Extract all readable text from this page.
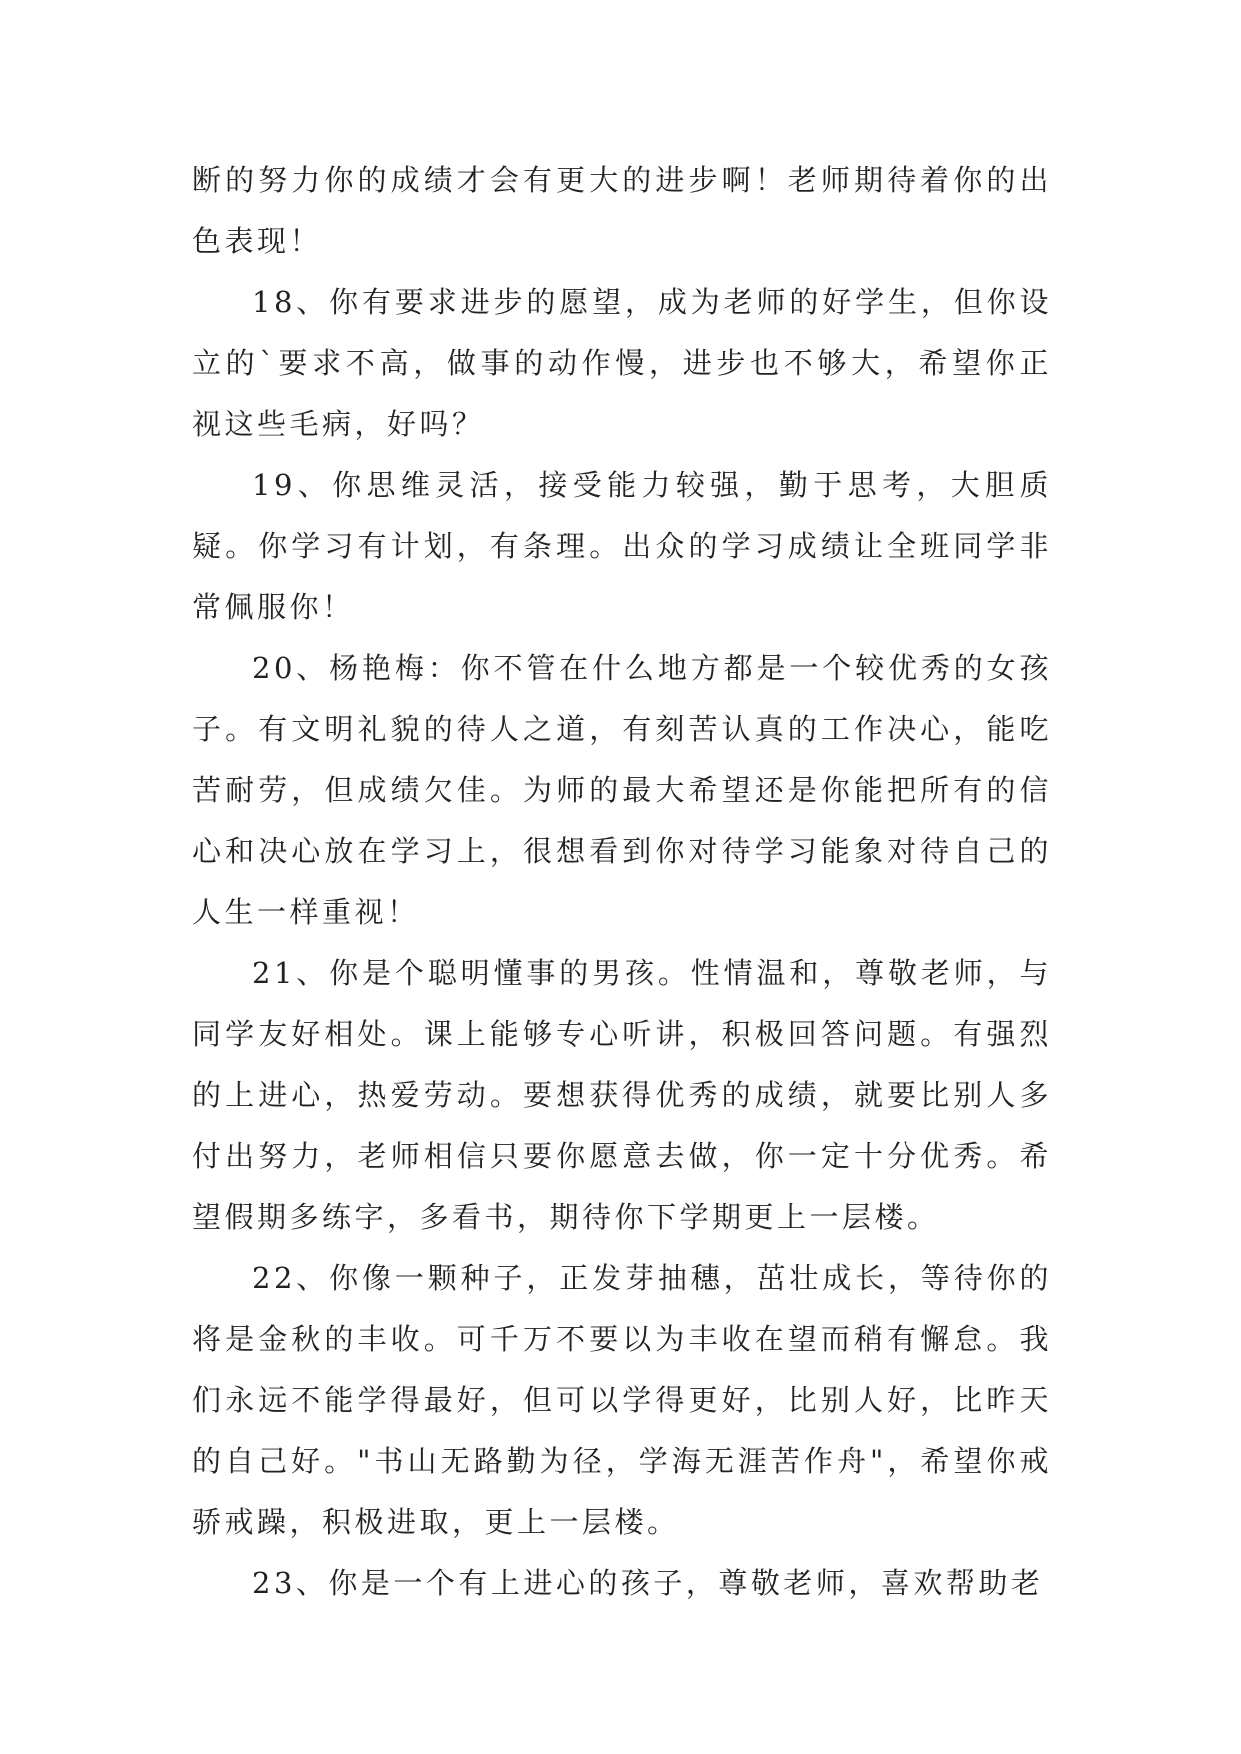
断的努力你的成绩才会有更大的进步啊！老师期待着你的出色表现！

18、你有要求进步的愿望，成为老师的好学生，但你设立的`要求不高，做事的动作慢，进步也不够大，希望你正视这些毛病，好吗？

19、你思维灵活，接受能力较强，勤于思考，大胆质疑。你学习有计划，有条理。出众的学习成绩让全班同学非常佩服你！

20、杨艳梅：你不管在什么地方都是一个较优秀的女孩子。有文明礼貌的待人之道，有刻苦认真的工作决心，能吃苦耐劳，但成绩欠佳。为师的最大希望还是你能把所有的信心和决心放在学习上，很想看到你对待学习能象对待自己的人生一样重视！

21、你是个聪明懂事的男孩。性情温和，尊敬老师，与同学友好相处。课上能够专心听讲，积极回答问题。有强烈的上进心，热爱劳动。要想获得优秀的成绩，就要比别人多付出努力，老师相信只要你愿意去做，你一定十分优秀。希望假期多练字，多看书，期待你下学期更上一层楼。

22、你像一颗种子，正发芽抽穗，茁壮成长，等待你的将是金秋的丰收。可千万不要以为丰收在望而稍有懈怠。我们永远不能学得最好，但可以学得更好，比别人好，比昨天的自己好。"书山无路勤为径，学海无涯苦作舟"，希望你戒骄戒躁，积极进取，更上一层楼。

23、你是一个有上进心的孩子，尊敬老师，喜欢帮助老
